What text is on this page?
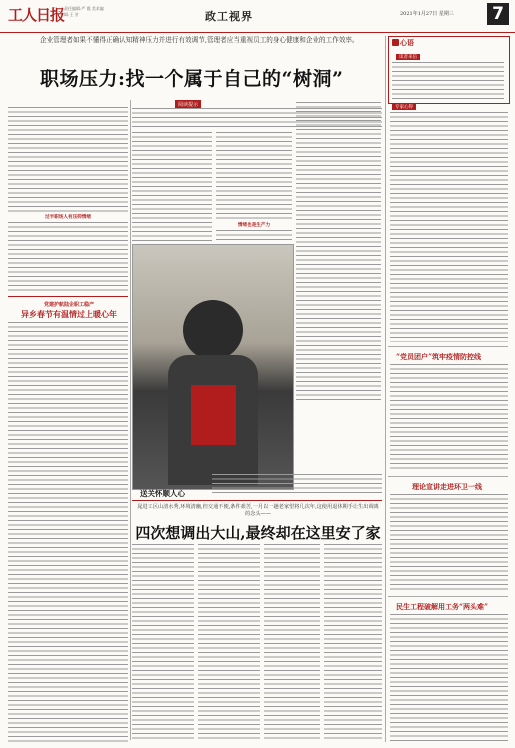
工人日报 责任编辑:严 霞 美术编辑:王 芳	政工视界	2021年1月27日 星期三 7
企业管理者如果不懂得正确认知精神压力并进行有效调节,管理者应当重视员工的身心健康和企业的工作效率。
职场压力:找一个属于自己的“树洞”
阅读提示
过半职场人有压抑情绪
党建护航陆企职工稳产
异乡春节有温情过上暖心年
情绪也是生产力
送关怀顺人心
心语
读者来信
专家心得
“党员团户”筑牢疫情防控线
理论宣讲走进环卫一线
民生工程破解用工务“两头难”
晁进工区山清水秀,环境清幽,但交通不便,条件艰苦,一月以一趟老家望将几次年,这使用退休期手让生出调离的念头——
四次想调出大山,最终却在这里安了家
